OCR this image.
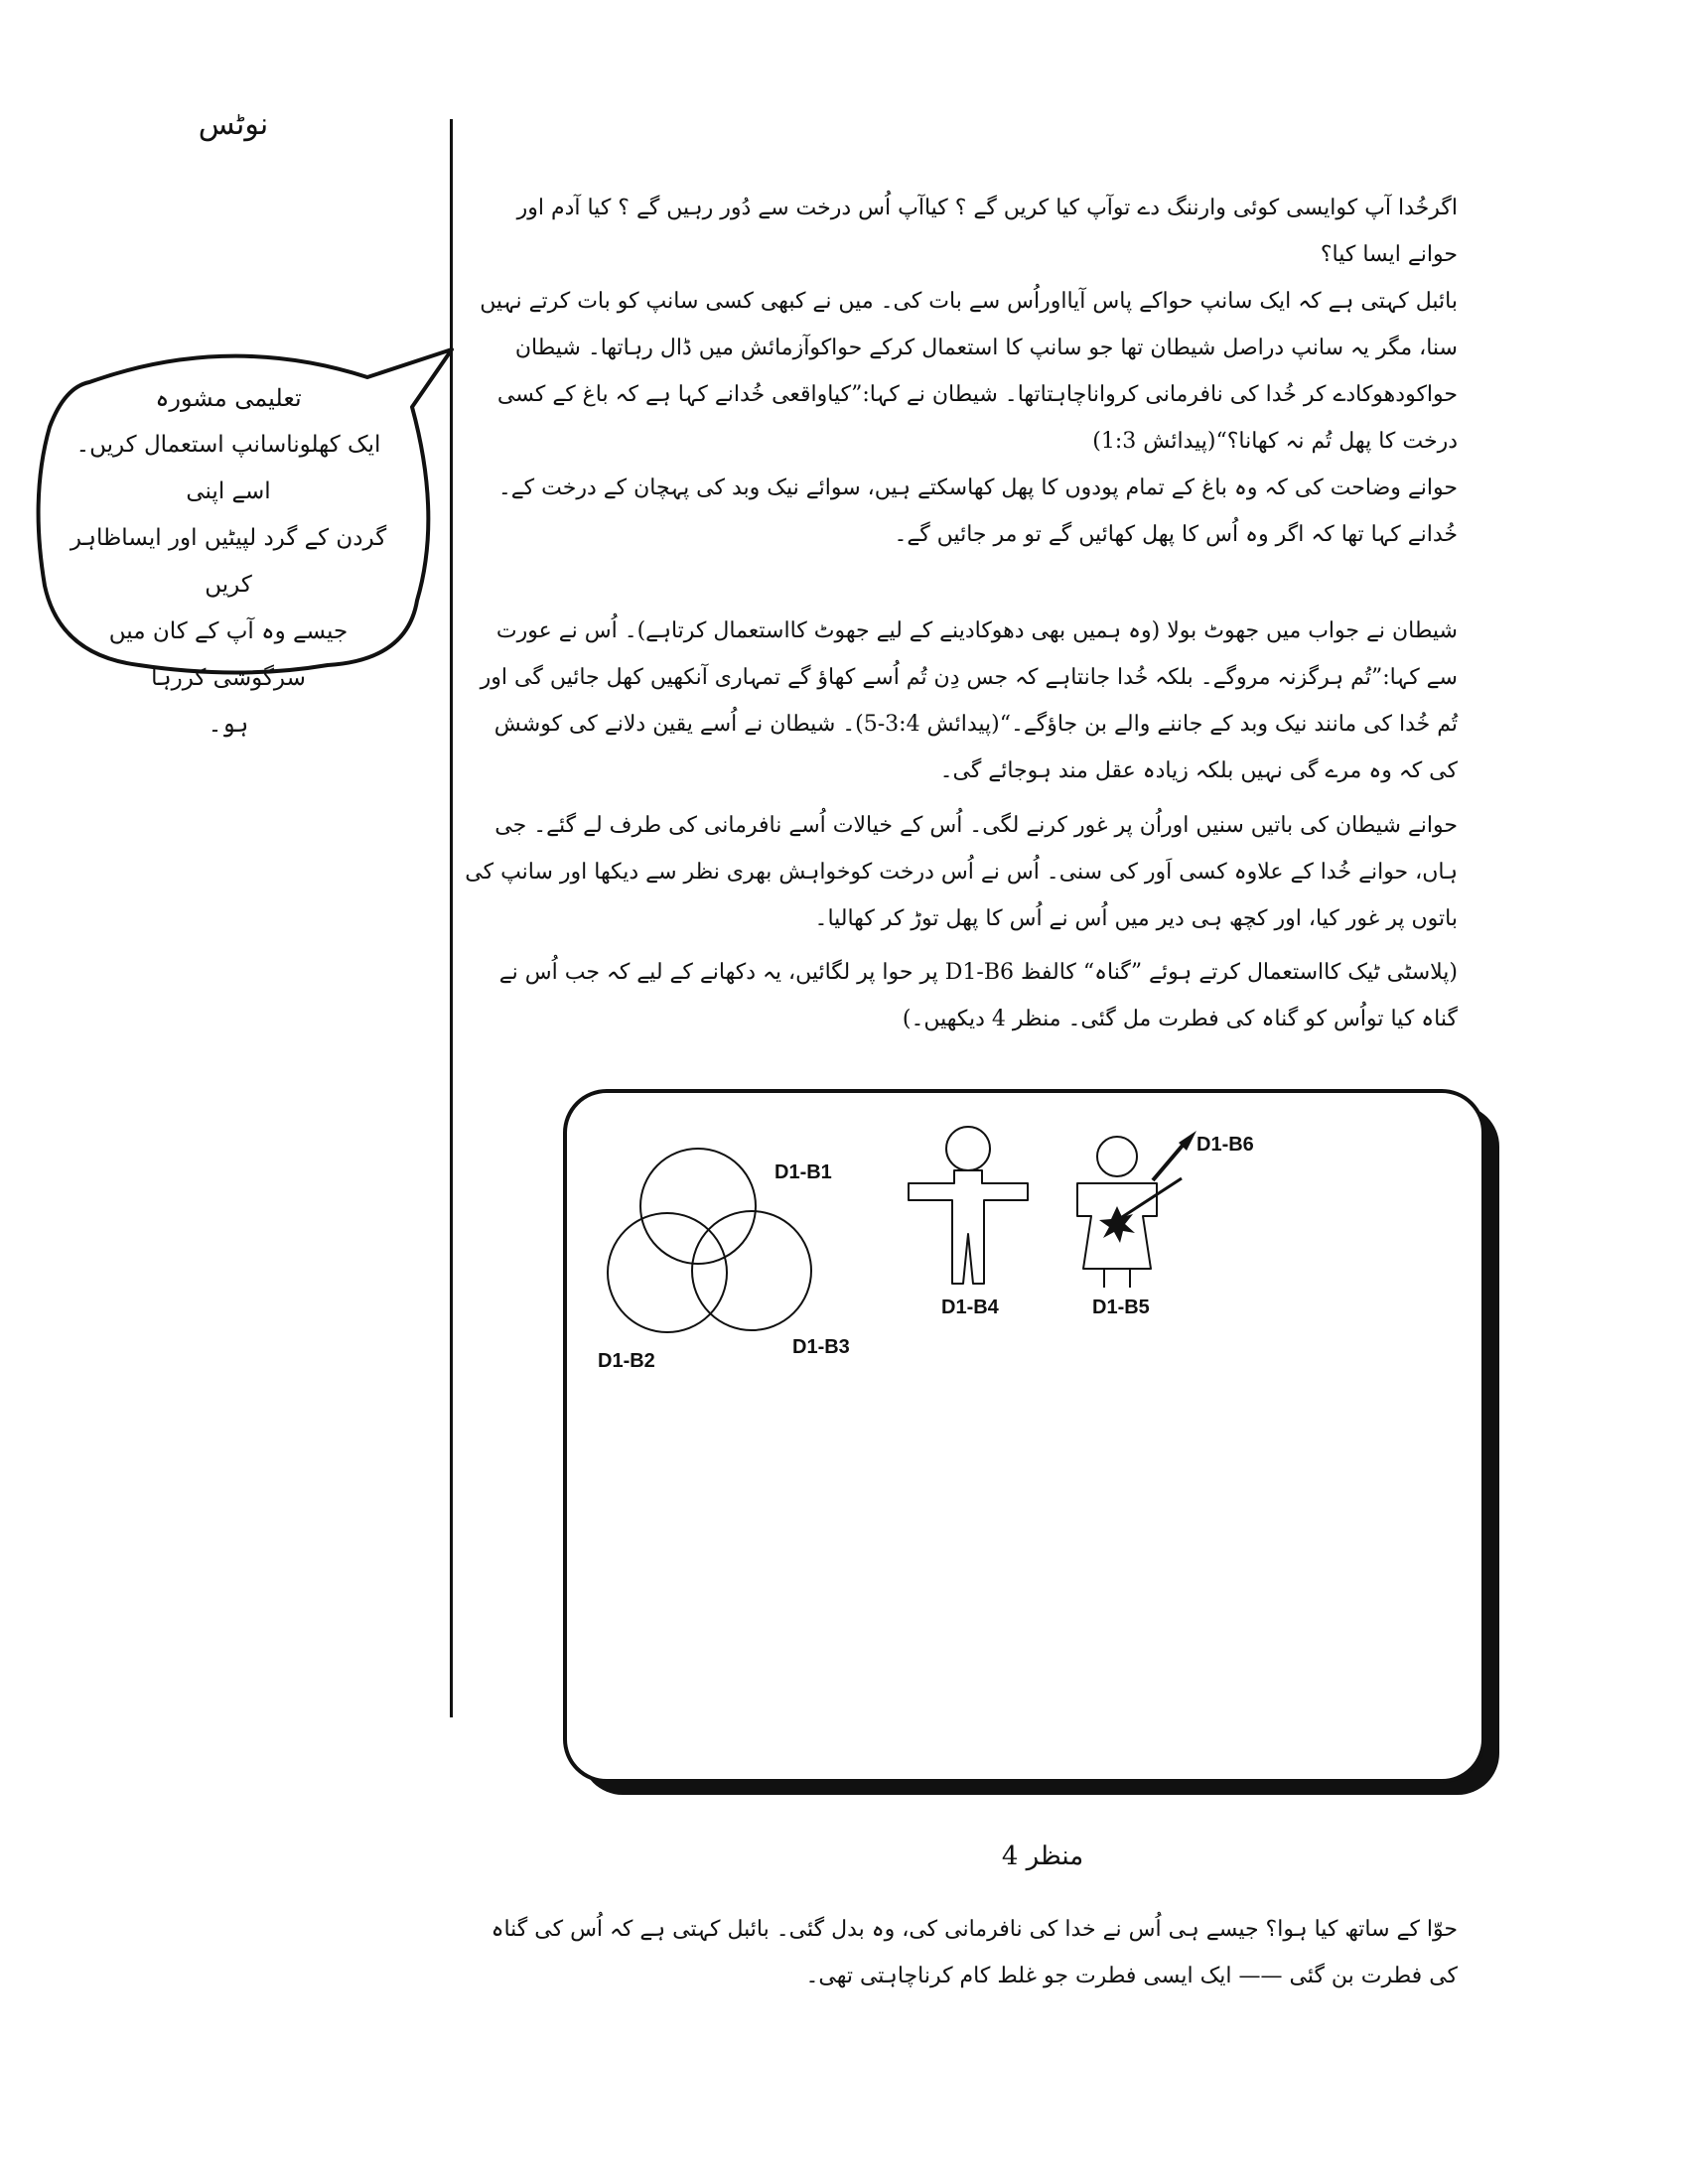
نوٹس
تعلیمی مشورہ
ایک کھلوناسانپ استعمال کریں۔اسے اپنی
گردن کے گرد لپیٹیں اور ایساظاہر کریں
جیسے وہ آپ کے کان میں سرگوشی کررہا
ہو۔
اگرخُدا آپ کوایسی کوئی وارننگ دے توآپ کیا کریں گے ؟ کیاآپ اُس درخت سے دُور رہیں گے ؟ کیا آدم اور حوانے ایسا کیا؟
بائبل کہتی ہے کہ ایک سانپ حواکے پاس آیااوراُس سے بات کی۔ میں نے کبھی کسی سانپ کو بات کرتے نہیں سنا، مگر یہ سانپ دراصل شیطان تھا جو سانپ کا استعمال کرکے حواکوآزمائش میں ڈال رہاتھا۔ شیطان حواکودھوکادے کر خُدا کی نافرمانی کرواناچاہتاتھا۔ شیطان نے کہا:”کیاواقعی خُدانے کہا ہے کہ باغ کے کسی درخت کا پھل تُم نہ کھانا؟“(پیدائش 1:3)
حوانے وضاحت کی کہ وہ باغ کے تمام پودوں کا پھل کھاسکتے ہیں، سوائے نیک وبد کی پہچان کے درخت کے۔ خُدانے کہا تھا کہ اگر وہ اُس کا پھل کھائیں گے تو مر جائیں گے۔
شیطان نے جواب میں جھوٹ بولا (وہ ہمیں بھی دھوکادینے کے لیے جھوٹ کااستعمال کرتاہے)۔ اُس نے عورت سے کہا:”تُم ہرگزنہ مروگے۔ بلکہ خُدا جانتاہے کہ جس دِن تُم اُسے کھاؤ گے تمہاری آنکھیں کھل جائیں گی اور تُم خُدا کی مانند نیک وبد کے جاننے والے بن جاؤگے۔“(پیدائش 3:4-5)۔ شیطان نے اُسے یقین دلانے کی کوشش کی کہ وہ مرے گی نہیں بلکہ زیادہ عقل مند ہوجائے گی۔
حوانے شیطان کی باتیں سنیں اوراُن پر غور کرنے لگی۔ اُس کے خیالات اُسے نافرمانی کی طرف لے گئے۔ جی ہاں، حوانے خُدا کے علاوہ کسی اَور کی سنی۔ اُس نے اُس درخت کوخواہش بھری نظر سے دیکھا اور سانپ کی باتوں پر غور کیا، اور کچھ ہی دیر میں اُس نے اُس کا پھل توڑ کر کھالیا۔
(پلاسٹی ٹیک کااستعمال کرتے ہوئے ”گناہ“ کالفظ D1-B6 پر حوا پر لگائیں، یہ دکھانے کے لیے کہ جب اُس نے گناہ کیا تواُس کو گناہ کی فطرت مل گئی۔ منظر 4 دیکھیں۔)
D1-B1
D1-B2
D1-B3
D1-B4
D1-B6
D1-B5
منظر 4
حوّا کے ساتھ کیا ہوا؟ جیسے ہی اُس نے خدا کی نافرمانی کی، وہ بدل گئی۔ بائبل کہتی ہے کہ اُس کی گناہ کی فطرت بن گئی —— ایک ایسی فطرت جو غلط کام کرناچاہتی تھی۔
